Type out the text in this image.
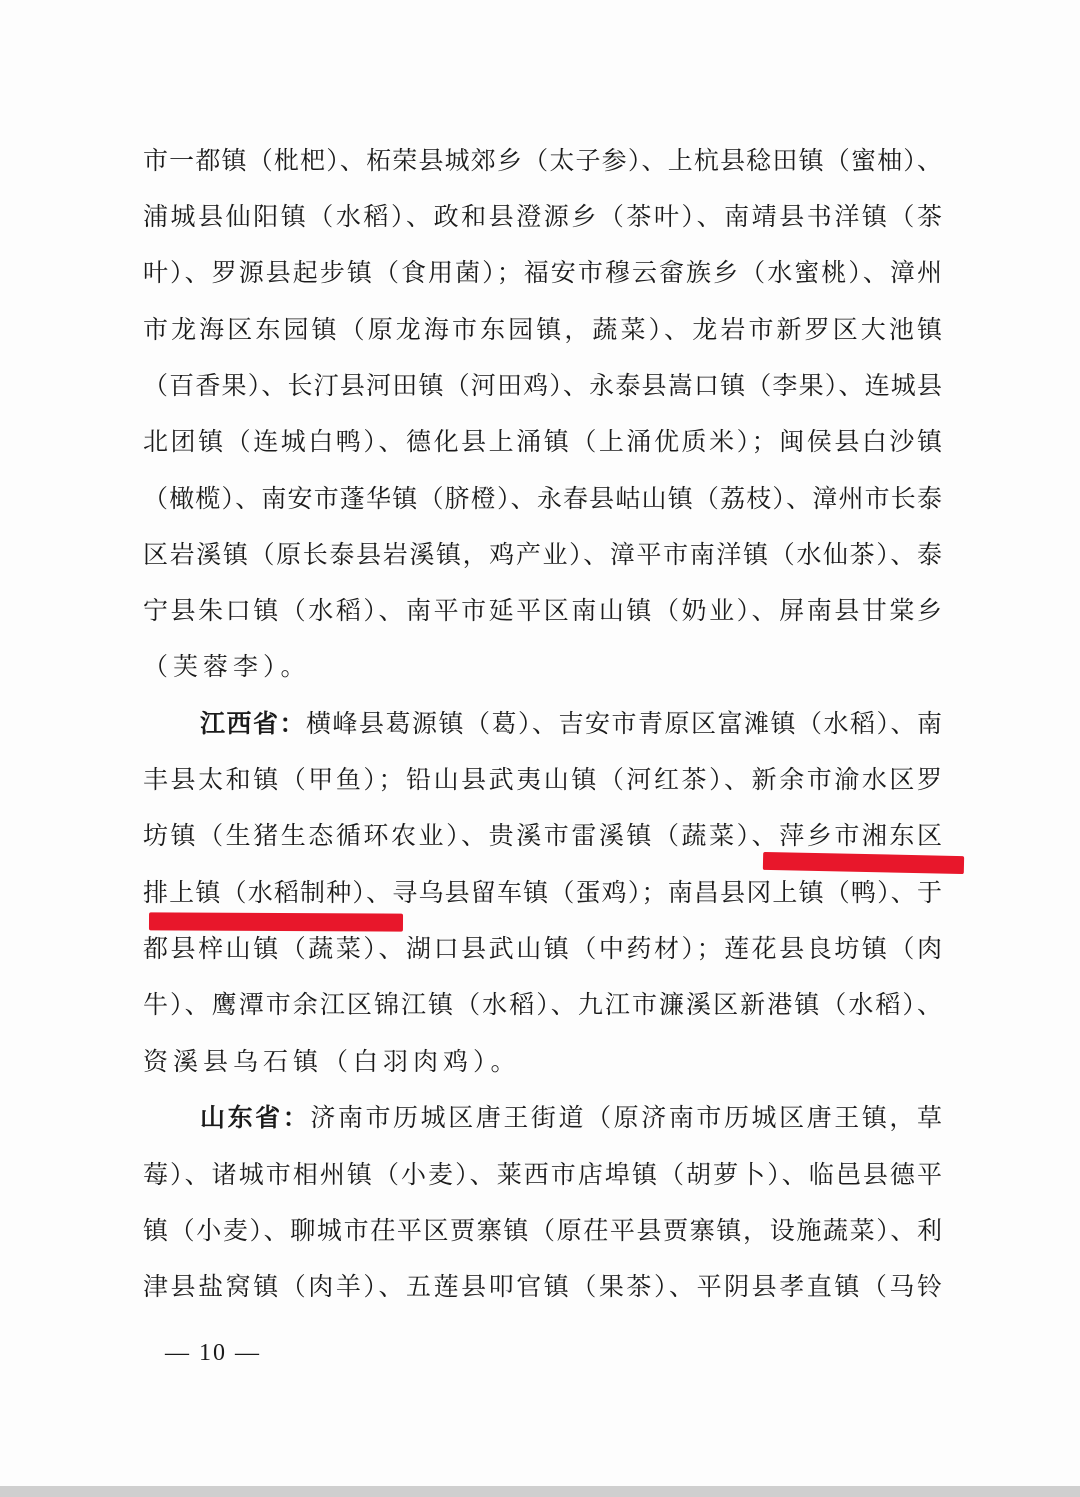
市一都镇（枇杷）、柘荣县城郊乡（太子参）、上杭县稔田镇（蜜柚）、
浦城县仙阳镇（水稻）、政和县澄源乡（茶叶）、南靖县书洋镇（茶
叶）、罗源县起步镇（食用菌）；福安市穆云畲族乡（水蜜桃）、漳州
市龙海区东园镇（原龙海市东园镇，蔬菜）、龙岩市新罗区大池镇
（百香果）、长汀县河田镇（河田鸡）、永泰县嵩口镇（李果）、连城县
北团镇（连城白鸭）、德化县上涌镇（上涌优质米）；闽侯县白沙镇
（橄榄）、南安市蓬华镇（脐橙）、永春县岵山镇（荔枝）、漳州市长泰
区岩溪镇（原长泰县岩溪镇，鸡产业）、漳平市南洋镇（水仙茶）、泰
宁县朱口镇（水稻）、南平市延平区南山镇（奶业）、屏南县甘棠乡
（芙蓉李）。
江西省：横峰县葛源镇（葛）、吉安市青原区富滩镇（水稻）、南
丰县太和镇（甲鱼）；铅山县武夷山镇（河红茶）、新余市渝水区罗
坊镇（生猪生态循环农业）、贵溪市雷溪镇（蔬菜）、萍乡市湘东区
排上镇（水稻制种）、寻乌县留车镇（蛋鸡）；南昌县冈上镇（鸭）、于
都县梓山镇（蔬菜）、湖口县武山镇（中药材）；莲花县良坊镇（肉
牛）、鹰潭市余江区锦江镇（水稻）、九江市濂溪区新港镇（水稻）、
资溪县乌石镇（白羽肉鸡）。
山东省：济南市历城区唐王街道（原济南市历城区唐王镇，草
莓）、诸城市相州镇（小麦）、莱西市店埠镇（胡萝卜）、临邑县德平
镇（小麦）、聊城市茌平区贾寨镇（原茌平县贾寨镇，设施蔬菜）、利
津县盐窝镇（肉羊）、五莲县叩官镇（果茶）、平阴县孝直镇（马铃
— 10 —
